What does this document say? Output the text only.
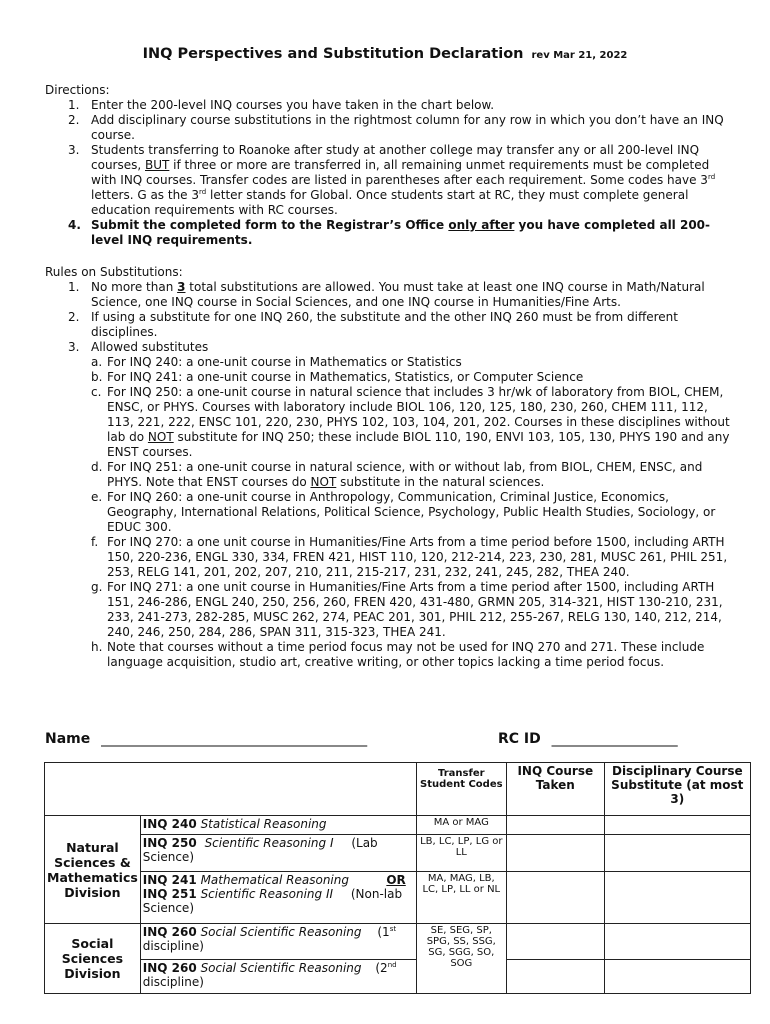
INQ Perspectives and Substitution Declaration rev Mar 21, 2022
Directions:
1. Enter the 200-level INQ courses you have taken in the chart below.
2. Add disciplinary course substitutions in the rightmost column for any row in which you don’t have an INQ course.
3. Students transferring to Roanoke after study at another college may transfer any or all 200-level INQ courses, BUT if three or more are transferred in, all remaining unmet requirements must be completed with INQ courses. Transfer codes are listed in parentheses after each requirement. Some codes have 3rd letters. G as the 3rd letter stands for Global. Once students start at RC, they must complete general education requirements with RC courses.
4. Submit the completed form to the Registrar’s Office only after you have completed all 200-level INQ requirements.
Rules on Substitutions:
1. No more than 3 total substitutions are allowed. You must take at least one INQ course in Math/Natural Science, one INQ course in Social Sciences, and one INQ course in Humanities/Fine Arts.
2. If using a substitute for one INQ 260, the substitute and the other INQ 260 must be from different disciplines.
3. Allowed substitutes
a. For INQ 240: a one-unit course in Mathematics or Statistics
b. For INQ 241: a one-unit course in Mathematics, Statistics, or Computer Science
c. For INQ 250: a one-unit course in natural science that includes 3 hr/wk of laboratory from BIOL, CHEM, ENSC, or PHYS. Courses with laboratory include BIOL 106, 120, 125, 180, 230, 260, CHEM 111, 112, 113, 221, 222, ENSC 101, 220, 230, PHYS 102, 103, 104, 201, 202. Courses in these disciplines without lab do NOT substitute for INQ 250; these include BIOL 110, 190, ENVI 103, 105, 130, PHYS 190 and any ENST courses.
d. For INQ 251: a one-unit course in natural science, with or without lab, from BIOL, CHEM, ENSC, and PHYS. Note that ENST courses do NOT substitute in the natural sciences.
e. For INQ 260: a one-unit course in Anthropology, Communication, Criminal Justice, Economics, Geography, International Relations, Political Science, Psychology, Public Health Studies, Sociology, or EDUC 300.
f. For INQ 270: a one unit course in Humanities/Fine Arts from a time period before 1500, including ARTH 150, 220-236, ENGL 330, 334, FREN 421, HIST 110, 120, 212-214, 223, 230, 281, MUSC 261, PHIL 251, 253, RELG 141, 201, 202, 207, 210, 211, 215-217, 231, 232, 241, 245, 282, THEA 240.
g. For INQ 271: a one unit course in Humanities/Fine Arts from a time period after 1500, including ARTH 151, 246-286, ENGL 240, 250, 256, 260, FREN 420, 431-480, GRMN 205, 314-321, HIST 130-210, 231, 233, 241-273, 282-285, MUSC 262, 274, PEAC 201, 301, PHIL 212, 255-267, RELG 130, 140, 212, 214, 240, 246, 250, 284, 286, SPAN 311, 315-323, THEA 241.
h. Note that courses without a time period focus may not be used for INQ 270 and 271. These include language acquisition, studio art, creative writing, or other topics lacking a time period focus.
Name ______________________________________	RC ID __________________
		Transfer Student Codes	INQ Course Taken	Disciplinary Course Substitute (at most 3)
Natural Sciences & Mathematics Division	INQ 240 Statistical Reasoning	MA or MAG		
	INQ 250 Scientific Reasoning I (Lab Science)	LB, LC, LP, LG or LL		
	INQ 241 Mathematical Reasoning OR

INQ 251 Scientific Reasoning II (Non-lab Science)	MA, MAG, LB, LC, LP, LL or NL		
Social Sciences Division	INQ 260 Social Scientific Reasoning (1st discipline)	SE, SEG, SP, SPG, SS, SSG, SG, SGG, SO, SOG		
	INQ 260 Social Scientific Reasoning (2nd discipline)			
